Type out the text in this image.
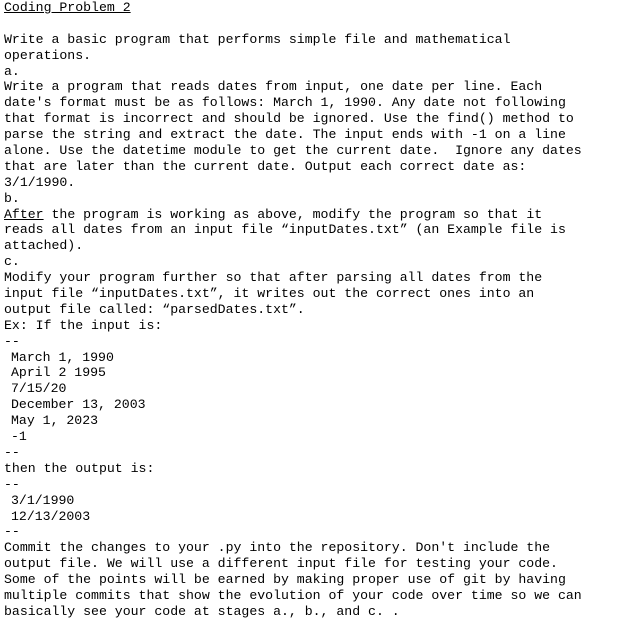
Coding Problem 2
Write a basic program that performs simple file and mathematical
operations.
a.
Write a program that reads dates from input, one date per line. Each
date's format must be as follows: March 1, 1990. Any date not following
that format is incorrect and should be ignored. Use the find() method to
parse the string and extract the date. The input ends with -1 on a line
alone. Use the datetime module to get the current date.  Ignore any dates
that are later than the current date. Output each correct date as:
3/1/1990.
b.
After the program is working as above, modify the program so that it
reads all dates from an input file “inputDates.txt” (an Example file is
attached).
c.
Modify your program further so that after parsing all dates from the
input file “inputDates.txt”, it writes out the correct ones into an
output file called: “parsedDates.txt”.
Ex: If the input is:
--
March 1, 1990
April 2 1995
7/15/20
December 13, 2003
May 1, 2023
-1
--
then the output is:
--
3/1/1990
12/13/2003
--
Commit the changes to your .py into the repository. Don't include the
output file. We will use a different input file for testing your code.
Some of the points will be earned by making proper use of git by having
multiple commits that show the evolution of your code over time so we can
basically see your code at stages a., b., and c. .
